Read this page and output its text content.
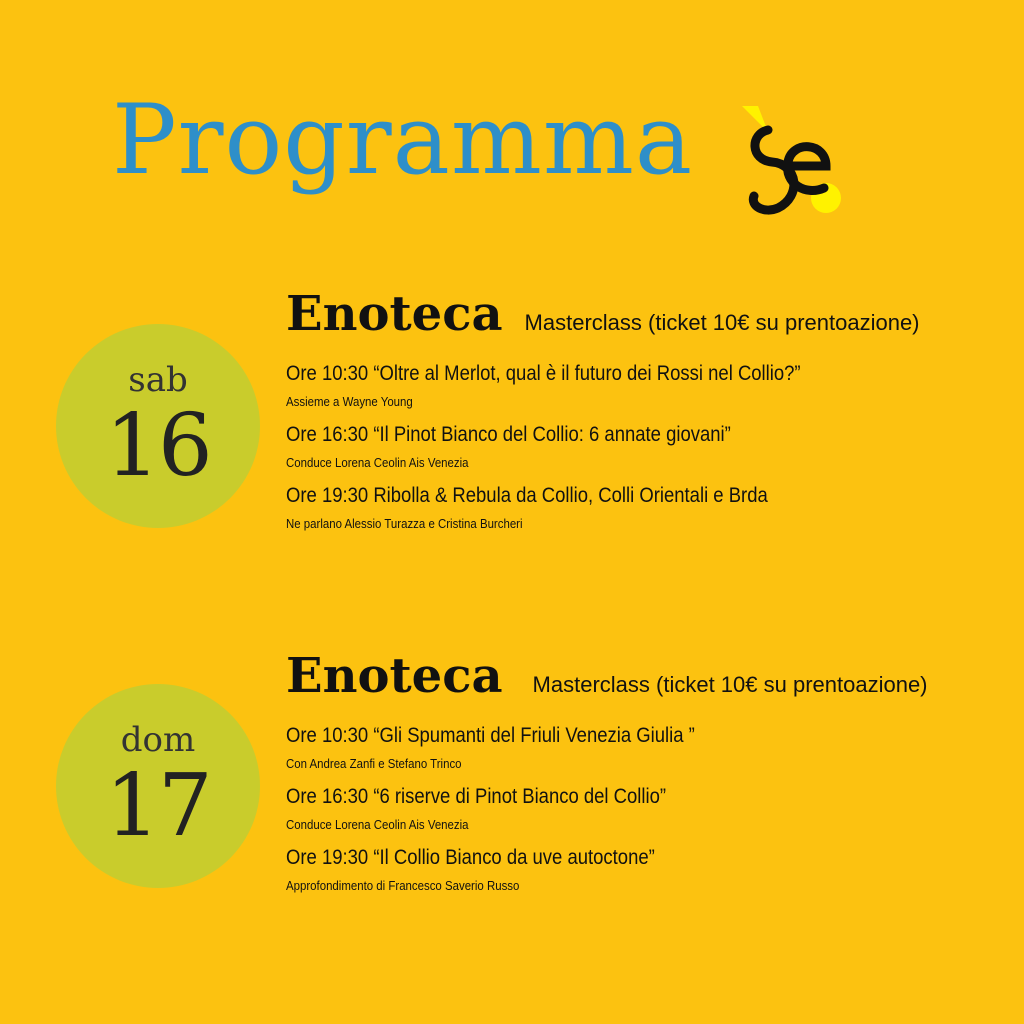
Programma
sab
16
Enoteca Masterclass (ticket 10€ su prentoazione)
Ore 10:30 “Oltre al Merlot, qual è il futuro dei Rossi nel Collio?”
Assieme a Wayne Young
Ore 16:30 “Il Pinot Bianco del Collio: 6 annate giovani”
Conduce Lorena Ceolin Ais Venezia
Ore 19:30 Ribolla & Rebula da Collio, Colli Orientali e Brda
Ne parlano Alessio Turazza e Cristina Burcheri
dom
17
Enoteca Masterclass (ticket 10€ su prentoazione)
Ore 10:30 “Gli Spumanti del Friuli Venezia Giulia ”
Con Andrea Zanfi e Stefano Trinco
Ore 16:30 “6 riserve di Pinot Bianco del Collio”
Conduce Lorena Ceolin Ais Venezia
Ore 19:30 “Il Collio Bianco da uve autoctone”
Approfondimento di Francesco Saverio Russo
